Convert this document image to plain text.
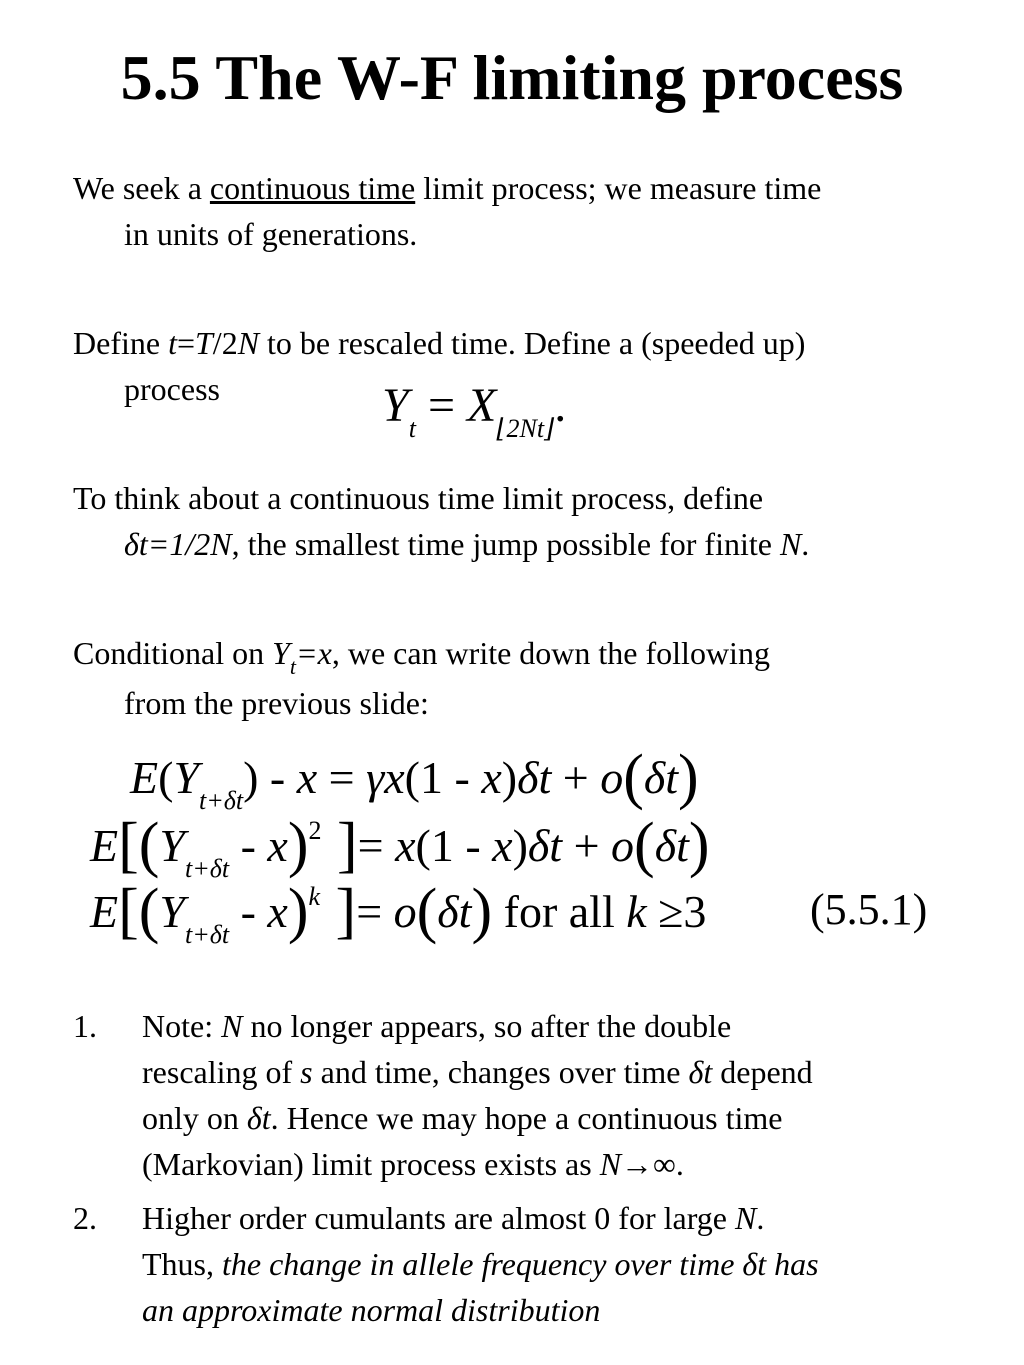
5.5 The W-F limiting process
We seek a continuous time limit process; we measure time
in units of generations.
Define t=T/2N to be rescaled time. Define a (speeded up)
process	$Y_t = X_{⌊2Nt⌋}$.
To think about a continuous time limit process, define
δt=1/2N, the smallest time jump possible for finite N.
Conditional on $Y_t=x$, we can write down the following
from the previous slide:
$E(Y_{t+\delta t}) - x = \gamma x(1 - x)\delta t + o(\delta t)$
$E[(Y_{t+\delta t} - x)^2$ ]= x(1 - x)δt + o(δt)
$E[(Y_{t+\delta t} - x)^k$ ]= o(δt) for all k ≥3 (5.5.1)
1. Note: N no longer appears, so after the double
rescaling of s and time, changes over time δt depend
only on δt. Hence we may hope a continuous time
(Markovian) limit process exists as N→∞.
2. Higher order cumulants are almost 0 for large N.
Thus, the change in allele frequency over time δt has
an approximate normal distribution
